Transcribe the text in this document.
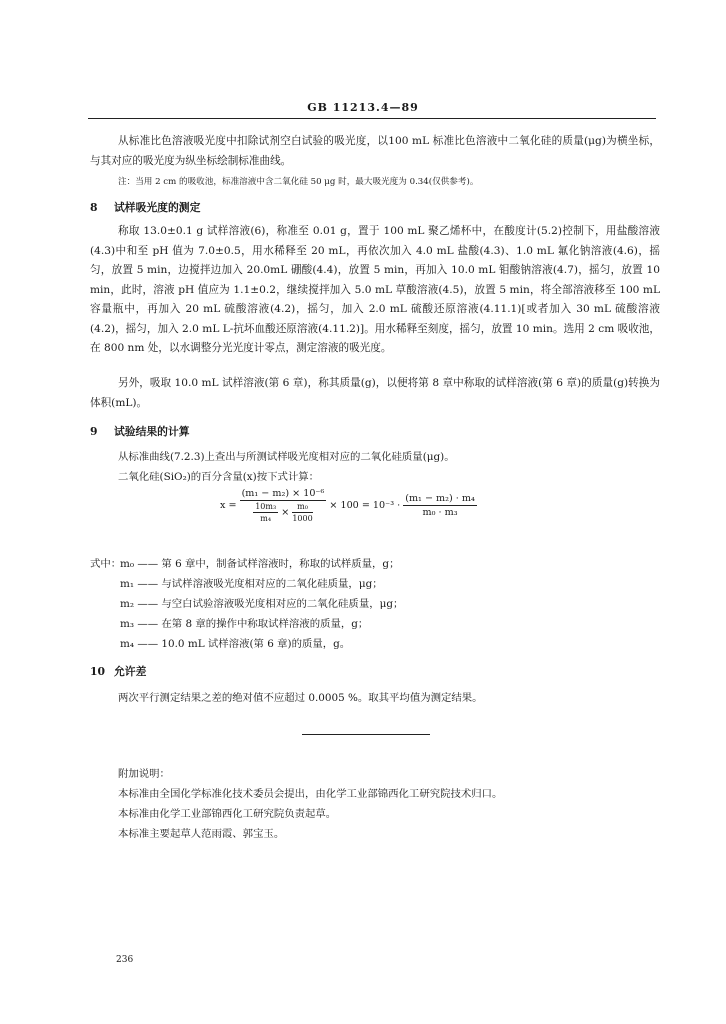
GB 11213.4—89
从标准比色溶液吸光度中扣除试剂空白试验的吸光度，以100 mL 标准比色溶液中二氧化硅的质量(μg)为横坐标，与其对应的吸光度为纵坐标绘制标准曲线。
注：当用 2 cm 的吸收池，标准溶液中含二氧化硅 50 μg 时，最大吸光度为 0.34(仅供参考)。
8 试样吸光度的测定
称取 13.0±0.1 g 试样溶液(6)，称准至 0.01 g，置于 100 mL 聚乙烯杯中，在酸度计(5.2)控制下，用盐酸溶液(4.3)中和至 pH 值为 7.0±0.5，用水稀释至 20 mL，再依次加入 4.0 mL 盐酸(4.3)、1.0 mL 氟化钠溶液(4.6)，摇匀，放置 5 min，边搅拌边加入 20.0mL 硼酸(4.4)，放置 5 min，再加入 10.0 mL 钼酸钠溶液(4.7)，摇匀，放置 10 min，此时，溶液 pH 值应为 1.1±0.2，继续搅拌加入 5.0 mL 草酸溶液(4.5)，放置 5 min，将全部溶液移至 100 mL 容量瓶中，再加入 20 mL 硫酸溶液(4.2)，摇匀，加入 2.0 mL 硫酸还原溶液(4.11.1)[或者加入 30 mL 硫酸溶液(4.2)，摇匀，加入 2.0 mL L-抗坏血酸还原溶液(4.11.2)]。用水稀释至刻度，摇匀，放置 10 min。选用 2 cm 吸收池，在 800 nm 处，以水调整分光光度计零点，测定溶液的吸光度。
另外，吸取 10.0 mL 试样溶液(第 6 章)，称其质量(g)，以便将第 8 章中称取的试样溶液(第 6 章)的质量(g)转换为体积(mL)。
9 试验结果的计算
从标准曲线(7.2.3)上查出与所测试样吸光度相对应的二氧化硅质量(μg)。
二氧化硅(SiO₂)的百分含量(x)按下式计算：
x =
(m₁ − m₂) × 10⁻⁶
$\frac{\text{10m₃}}{\text{m₄}} \times \frac{\text{m₀}}{1000} \times 100 = 10^{-3} \cdot \frac{\text{(m₁ − m₂) · m₄}}{\text{m₀ · m₃}}$
式中：
m₀ —— 第 6 章中，制备试样溶液时，称取的试样质量，g；
m₁ —— 与试样溶液吸光度相对应的二氧化硅质量，μg；
m₂ —— 与空白试验溶液吸光度相对应的二氧化硅质量，μg；
m₃ —— 在第 8 章的操作中称取试样溶液的质量，g；
m₄ —— 10.0 mL 试样溶液(第 6 章)的质量，g。
10 允许差
两次平行测定结果之差的绝对值不应超过 0.0005 %。取其平均值为测定结果。
附加说明：
本标准由全国化学标准化技术委员会提出，由化学工业部锦西化工研究院技术归口。
本标准由化学工业部锦西化工研究院负责起草。
本标准主要起草人范雨霞、郭宝玉。
236
